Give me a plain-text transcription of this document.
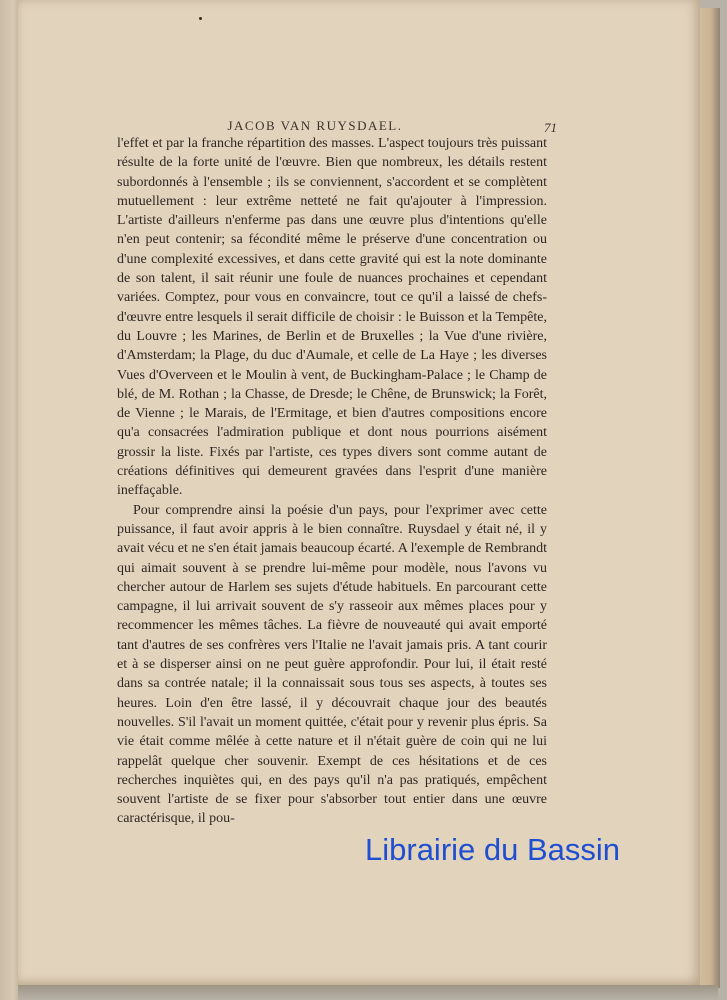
JACOB VAN RUYSDAEL.	71

l'effet et par la franche répartition des masses. L'aspect toujours très puissant résulte de la forte unité de l'œuvre. Bien que nombreux, les détails restent subordonnés à l'ensemble ; ils se conviennent, s'accordent et se complètent mutuellement : leur extrême netteté ne fait qu'ajouter à l'impression. L'artiste d'ailleurs n'enferme pas dans une œuvre plus d'intentions qu'elle n'en peut contenir; sa fécondité même le préserve d'une concentration ou d'une complexité excessives, et dans cette gravité qui est la note dominante de son talent, il sait réunir une foule de nuances prochaines et cependant variées. Comptez, pour vous en convaincre, tout ce qu'il a laissé de chefs-d'œuvre entre lesquels il serait difficile de choisir : le Buisson et la Tempête, du Louvre ; les Marines, de Berlin et de Bruxelles ; la Vue d'une rivière, d'Amsterdam; la Plage, du duc d'Aumale, et celle de La Haye ; les diverses Vues d'Overveen et le Moulin à vent, de Buckingham-Palace ; le Champ de blé, de M. Rothan ; la Chasse, de Dresde; le Chêne, de Brunswick; la Forêt, de Vienne ; le Marais, de l'Ermitage, et bien d'autres compositions encore qu'a consacrées l'admiration publique et dont nous pourrions aisément grossir la liste. Fixés par l'artiste, ces types divers sont comme autant de créations définitives qui demeurent gravées dans l'esprit d'une manière ineffaçable.

Pour comprendre ainsi la poésie d'un pays, pour l'exprimer avec cette puissance, il faut avoir appris à le bien connaître. Ruysdael y était né, il y avait vécu et ne s'en était jamais beaucoup écarté. A l'exemple de Rembrandt qui aimait souvent à se prendre lui-même pour modèle, nous l'avons vu chercher autour de Harlem ses sujets d'étude habituels. En parcourant cette campagne, il lui arrivait souvent de s'y rasseoir aux mêmes places pour y recommencer les mêmes tâches. La fièvre de nouveauté qui avait emporté tant d'autres de ses confrères vers l'Italie ne l'avait jamais pris. A tant courir et à se disperser ainsi on ne peut guère approfondir. Pour lui, il était resté dans sa contrée natale; il la connaissait sous tous ses aspects, à toutes ses heures. Loin d'en être lassé, il y découvrait chaque jour des beautés nouvelles. S'il l'avait un moment quittée, c'était pour y revenir plus épris. Sa vie était comme mêlée à cette nature et il n'était guère de coin qui ne lui rappelât quelque cher souvenir. Exempt de ces hésitations et de ces recherches inquiètes qui, en des pays qu'il n'a pas pratiqués, empêchent souvent l'artiste de se fixer pour s'absorber tout entier dans une œuvre caractérisque, il pou-

Librairie du Bassin
